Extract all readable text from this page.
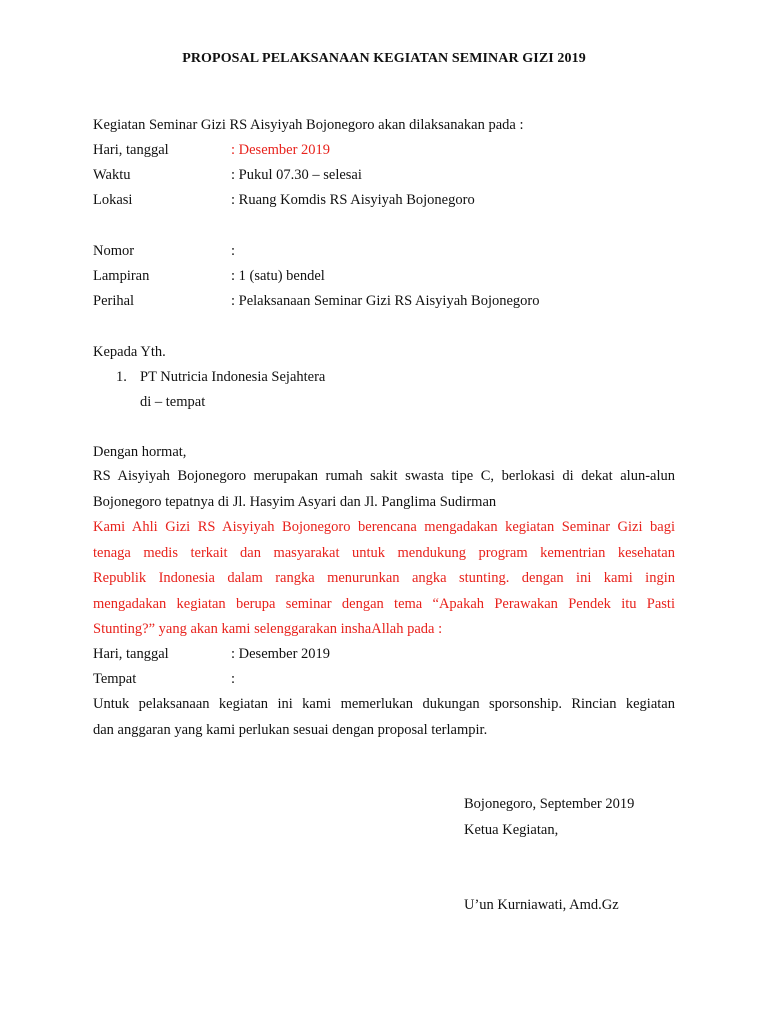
PROPOSAL PELAKSANAAN KEGIATAN SEMINAR GIZI 2019
Kegiatan Seminar Gizi RS Aisyiyah Bojonegoro akan dilaksanakan pada :
Hari, tanggal	: Desember 2019
Waktu	: Pukul 07.30 – selesai
Lokasi	: Ruang Komdis RS Aisyiyah Bojonegoro
Nomor	:
Lampiran	: 1 (satu) bendel
Perihal	: Pelaksanaan Seminar Gizi RS Aisyiyah Bojonegoro
Kepada Yth.
1. PT Nutricia Indonesia Sejahtera
di – tempat
Dengan hormat,
RS Aisyiyah Bojonegoro merupakan rumah sakit swasta tipe C, berlokasi di dekat alun-alun
Bojonegoro tepatnya di Jl. Hasyim Asyari dan Jl. Panglima Sudirman
Kami Ahli Gizi RS Aisyiyah Bojonegoro berencana mengadakan kegiatan Seminar Gizi bagi
tenaga medis terkait dan masyarakat untuk mendukung program kementrian kesehatan
Republik Indonesia dalam rangka menurunkan angka stunting. dengan ini kami ingin
mengadakan kegiatan berupa seminar dengan tema “Apakah Perawakan Pendek itu Pasti
Stunting?” yang akan kami selenggarakan inshaAllah pada :
Hari, tanggal	: Desember 2019
Tempat	:
Untuk pelaksanaan kegiatan ini kami memerlukan dukungan sporsonship. Rincian kegiatan
dan anggaran yang kami perlukan sesuai dengan proposal terlampir.
Bojonegoro, September 2019
Ketua Kegiatan,
U’un Kurniawati, Amd.Gz
